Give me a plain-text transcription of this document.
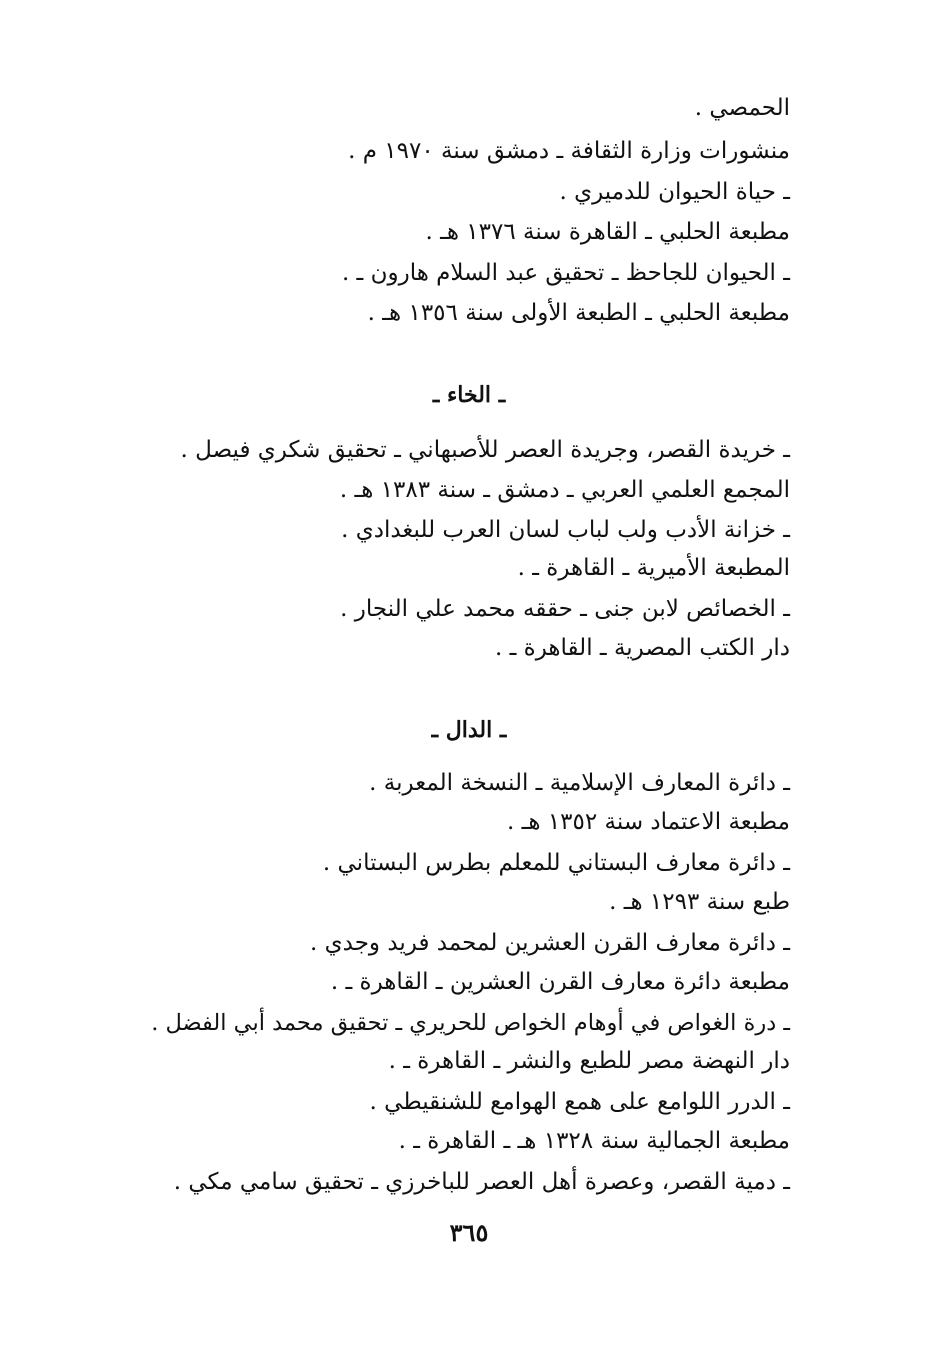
الحمصي .
منشورات وزارة الثقافة ـ دمشق سنة ١٩٧٠ م .
ـ حياة الحيوان للدميري .
مطبعة الحلبي ـ القاهرة سنة ١٣٧٦ هـ .
ـ الحيوان للجاحظ ـ تحقيق عبد السلام هارون ـ .
مطبعة الحلبي ـ الطبعة الأولى سنة ١٣٥٦ هـ .
ـ الخاء ـ
ـ خريدة القصر، وجريدة العصر للأصبهاني ـ تحقيق شكري فيصل .
المجمع العلمي العربي ـ دمشق ـ سنة ١٣٨٣ هـ .
ـ خزانة الأدب ولب لباب لسان العرب للبغدادي .
المطبعة الأميرية ـ القاهرة ـ .
ـ الخصائص لابن جنى ـ حققه محمد علي النجار .
دار الكتب المصرية ـ القاهرة ـ .
ـ الدال ـ
ـ دائرة المعارف الإسلامية ـ النسخة المعربة .
مطبعة الاعتماد سنة ١٣٥٢ هـ .
ـ دائرة معارف البستاني للمعلم بطرس البستاني .
طبع سنة ١٢٩٣ هـ .
ـ دائرة معارف القرن العشرين لمحمد فريد وجدي .
مطبعة دائرة معارف القرن العشرين ـ القاهرة ـ .
ـ درة الغواص في أوهام الخواص للحريري ـ تحقيق محمد أبي الفضل .
دار النهضة مصر للطبع والنشر ـ القاهرة ـ .
ـ الدرر اللوامع على همع الهوامع للشنقيطي .
مطبعة الجمالية سنة ١٣٢٨ هـ ـ القاهرة ـ .
ـ دمية القصر، وعصرة أهل العصر للباخرزي ـ تحقيق سامي مكي .
٣٦٥
